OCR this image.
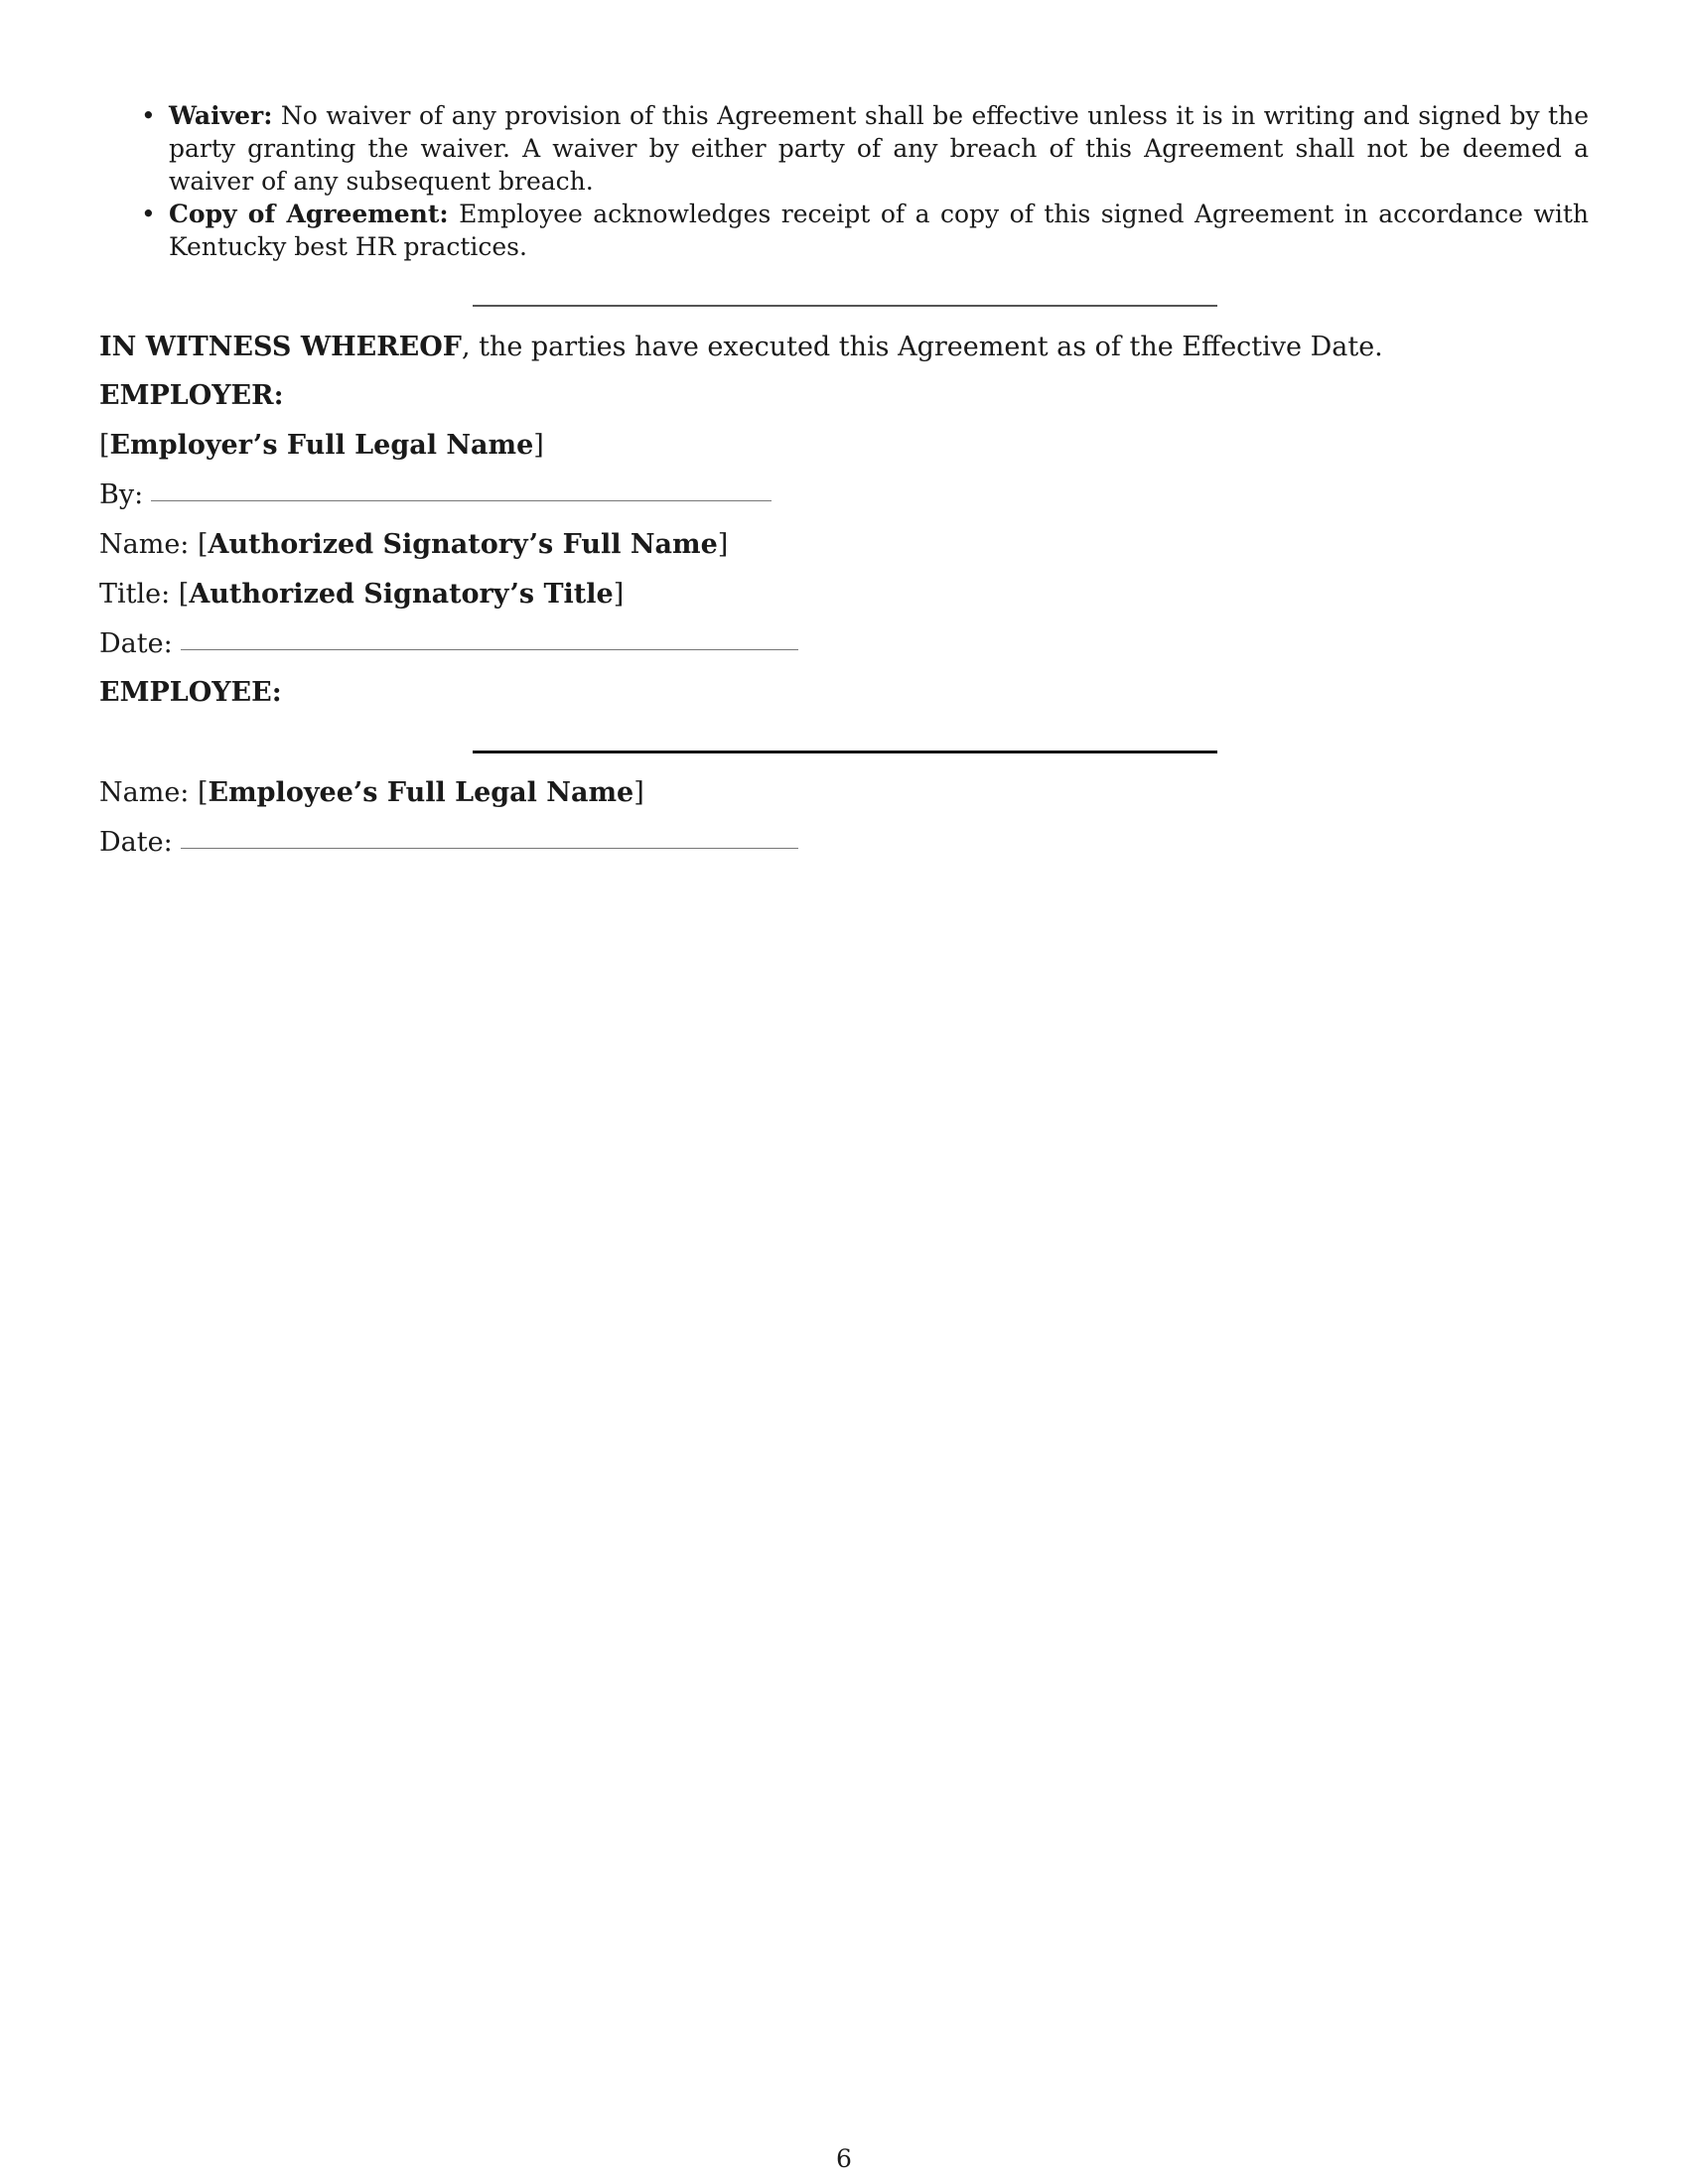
• Waiver: No waiver of any provision of this Agreement shall be effective unless it is in writing and signed by the party granting the waiver. A waiver by either party of any breach of this Agreement shall not be deemed a waiver of any subsequent breach.
• Copy of Agreement: Employee acknowledges receipt of a copy of this signed Agreement in accordance with Kentucky best HR practices.
IN WITNESS WHEREOF, the parties have executed this Agreement as of the Effective Date.
EMPLOYER:
[Employer’s Full Legal Name]
By:
Name: [Authorized Signatory’s Full Name]
Title: [Authorized Signatory’s Title]
Date:
EMPLOYEE:
Name: [Employee’s Full Legal Name]
Date:
6
